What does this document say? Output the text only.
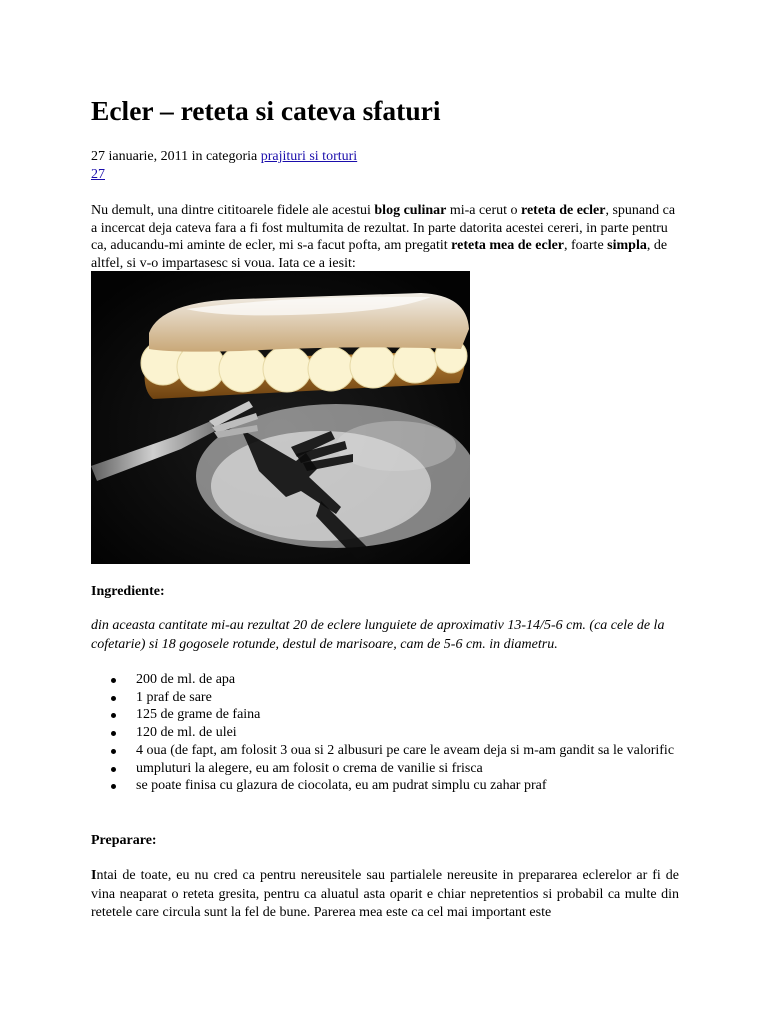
Ecler – reteta si cateva sfaturi
27 ianuarie, 2011 in categoria prajituri si torturi
27

Nu demult, una dintre cititoarele fidele ale acestui blog culinar mi-a cerut o reteta de ecler, spunand ca a incercat deja cateva fara a fi fost multumita de rezultat. In parte datorita acestei cereri, in parte pentru ca, aducandu-mi aminte de ecler, mi s-a facut pofta, am pregatit reteta mea de ecler, foarte simpla, de altfel, si v-o impartasesc si voua. Iata ce a iesit:

Ingrediente:

din aceasta cantitate mi-au rezultat 20 de eclere lunguiete de aproximativ 13-14/5-6 cm. (ca cele de la cofetarie) si 18 gogosele rotunde, destul de marisoare, cam de 5-6 cm. in diametru.

200 de ml. de apa
1 praf de sare
125 de grame de faina
120 de ml. de ulei
4 oua (de fapt, am folosit 3 oua si 2 albusuri pe care le aveam deja si m-am gandit sa le valorific
umpluturi la alegere, eu am folosit o crema de vanilie si frisca
se poate finisa cu glazura de ciocolata, eu am pudrat simplu cu zahar praf
Preparare:

Intai de toate, eu nu cred ca pentru nereusitele sau partialele nereusite in prepararea eclerelor ar fi de vina neaparat o reteta gresita, pentru ca aluatul asta oparit e chiar nepretentios si probabil ca multe din retetele care circula sunt la fel de bune. Parerea mea este ca cel mai important este
